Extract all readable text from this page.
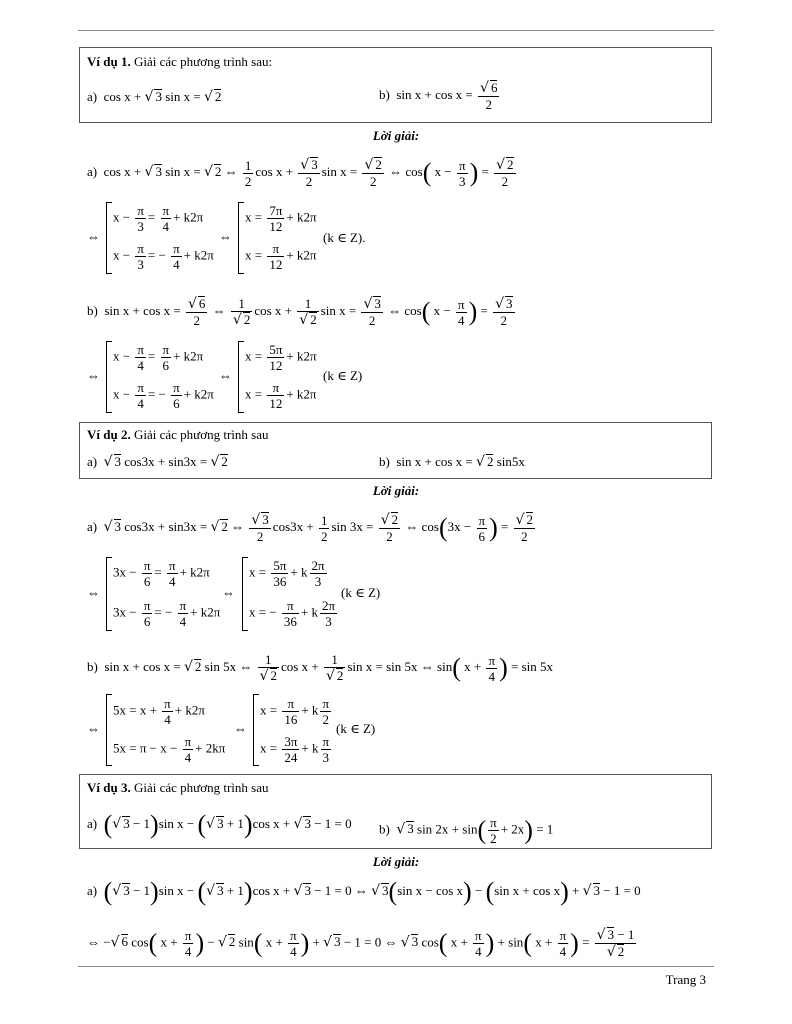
Ví dụ 1. Giải các phương trình sau:
a)  cos x + √ 3 sin x = √ 2	b)  $\sin x + \cos x = \frac{√ 6}{2}$
Lời giải:
a)  cos x + √ 3 sin x = √ 2 ⇔ $\frac{1}{2}$ $\cos x + \frac{√ 3}{2}$ $\sin x = \frac{√ 2}{2}$ ⇔ cos( $x - \frac{\pi}{3}$ ) = $\frac{√ 2}{2}$
⇔
$x - \frac{\pi}{3} = \frac{\pi}{4} + k2\pi$
$x - \frac{\pi}{3}$ = − $\frac{\pi}{4} + k2\pi$
⇔
$x = \frac{7\pi}{12} + k2\pi$
$x = \frac{\pi}{12} + k2\pi$
(k ∈ Z).
b)  $\sin x + \cos x = \frac{√ 6}{2}$ ⇔ $\frac{1}{√ 2}$ $\cos x + \frac{1}{√ 2}$ $\sin x = \frac{√ 3}{2}$ ⇔ cos( $x - \frac{\pi}{4}$ ) = $\frac{√ 3}{2}$
⇔
$x - \frac{\pi}{4} = \frac{\pi}{6} + k2\pi$
$x - \frac{\pi}{4}$ = − $\frac{\pi}{6} + k2\pi$
⇔
$x = \frac{5\pi}{12} + k2\pi$
$x = \frac{\pi}{12} + k2\pi$
(k ∈ Z)
Ví dụ 2. Giải các phương trình sau
a) √ 3 cos3x + sin3x = √ 2	b)  sin x + cos x = √ 2 sin5x
Lời giải:
a)  √ 3 cos3x + sin3x = √ 2 ⇔ $\frac{√ 3}{2} \cos 3x + \frac{1}{2}$ $\sin 3x = \frac{√ 2}{2}$ ⇔ $\cos(3x - \frac{\pi}{6}$ ) = $\frac{√ 2}{2}$
⇔
$3x - \frac{\pi}{6} = \frac{\pi}{4} + k2\pi$
$3x - \frac{\pi}{6}$ = − $\frac{\pi}{4} + k2\pi$
⇔
$x = \frac{5\pi}{36} + k \frac{2\pi}{3}$
x = − $\frac{\pi}{36} + k \frac{2\pi}{3}$
(k ∈ Z)
b)  sin x + cos x = √ 2 sin 5x ⇔ $\frac{1}{√ 2}$ $\cos x + \frac{1}{√ 2}$ sin x = sin 5x ⇔ sin( $x + \frac{\pi}{4}$ ) = sin 5x
⇔
$5x = x + \frac{\pi}{4} + k2\pi$
$5x = \pi - x - \frac{\pi}{4} + 2k\pi$
⇔
$x = \frac{\pi}{16} + k \frac{\pi}{2}$
$x = \frac{3\pi}{24} + k \frac{\pi}{3}$
(k ∈ Z)
Ví dụ 3. Giải các phương trình sau
a) (√ 3 − 1)sin x − (√ 3 + 1)cos x + √ 3 − 1 = 0 b) √ 3 $\sin 2x + \sin( \frac{\pi}{2} + 2x) = 1$
Lời giải:
a)  (√ 3 − 1)sin x − (√ 3 + 1)cos x + √ 3 − 1 = 0 ⇔ √ 3(sin x − cos x) − (sin x + cos x) + √ 3 − 1 = 0
⇔ −√ 6 cos( $x + \frac{\pi}{4}$ ) − √ 2 sin( $x + \frac{\pi}{4}$ ) + √ 3 − 1 = 0 ⇔ √ 3 cos( $x + \frac{\pi}{4}$ ) + sin( $x + \frac{\pi}{4}$ ) = $\frac{√ 3 - 1}{√ 2}$
Trang 3
